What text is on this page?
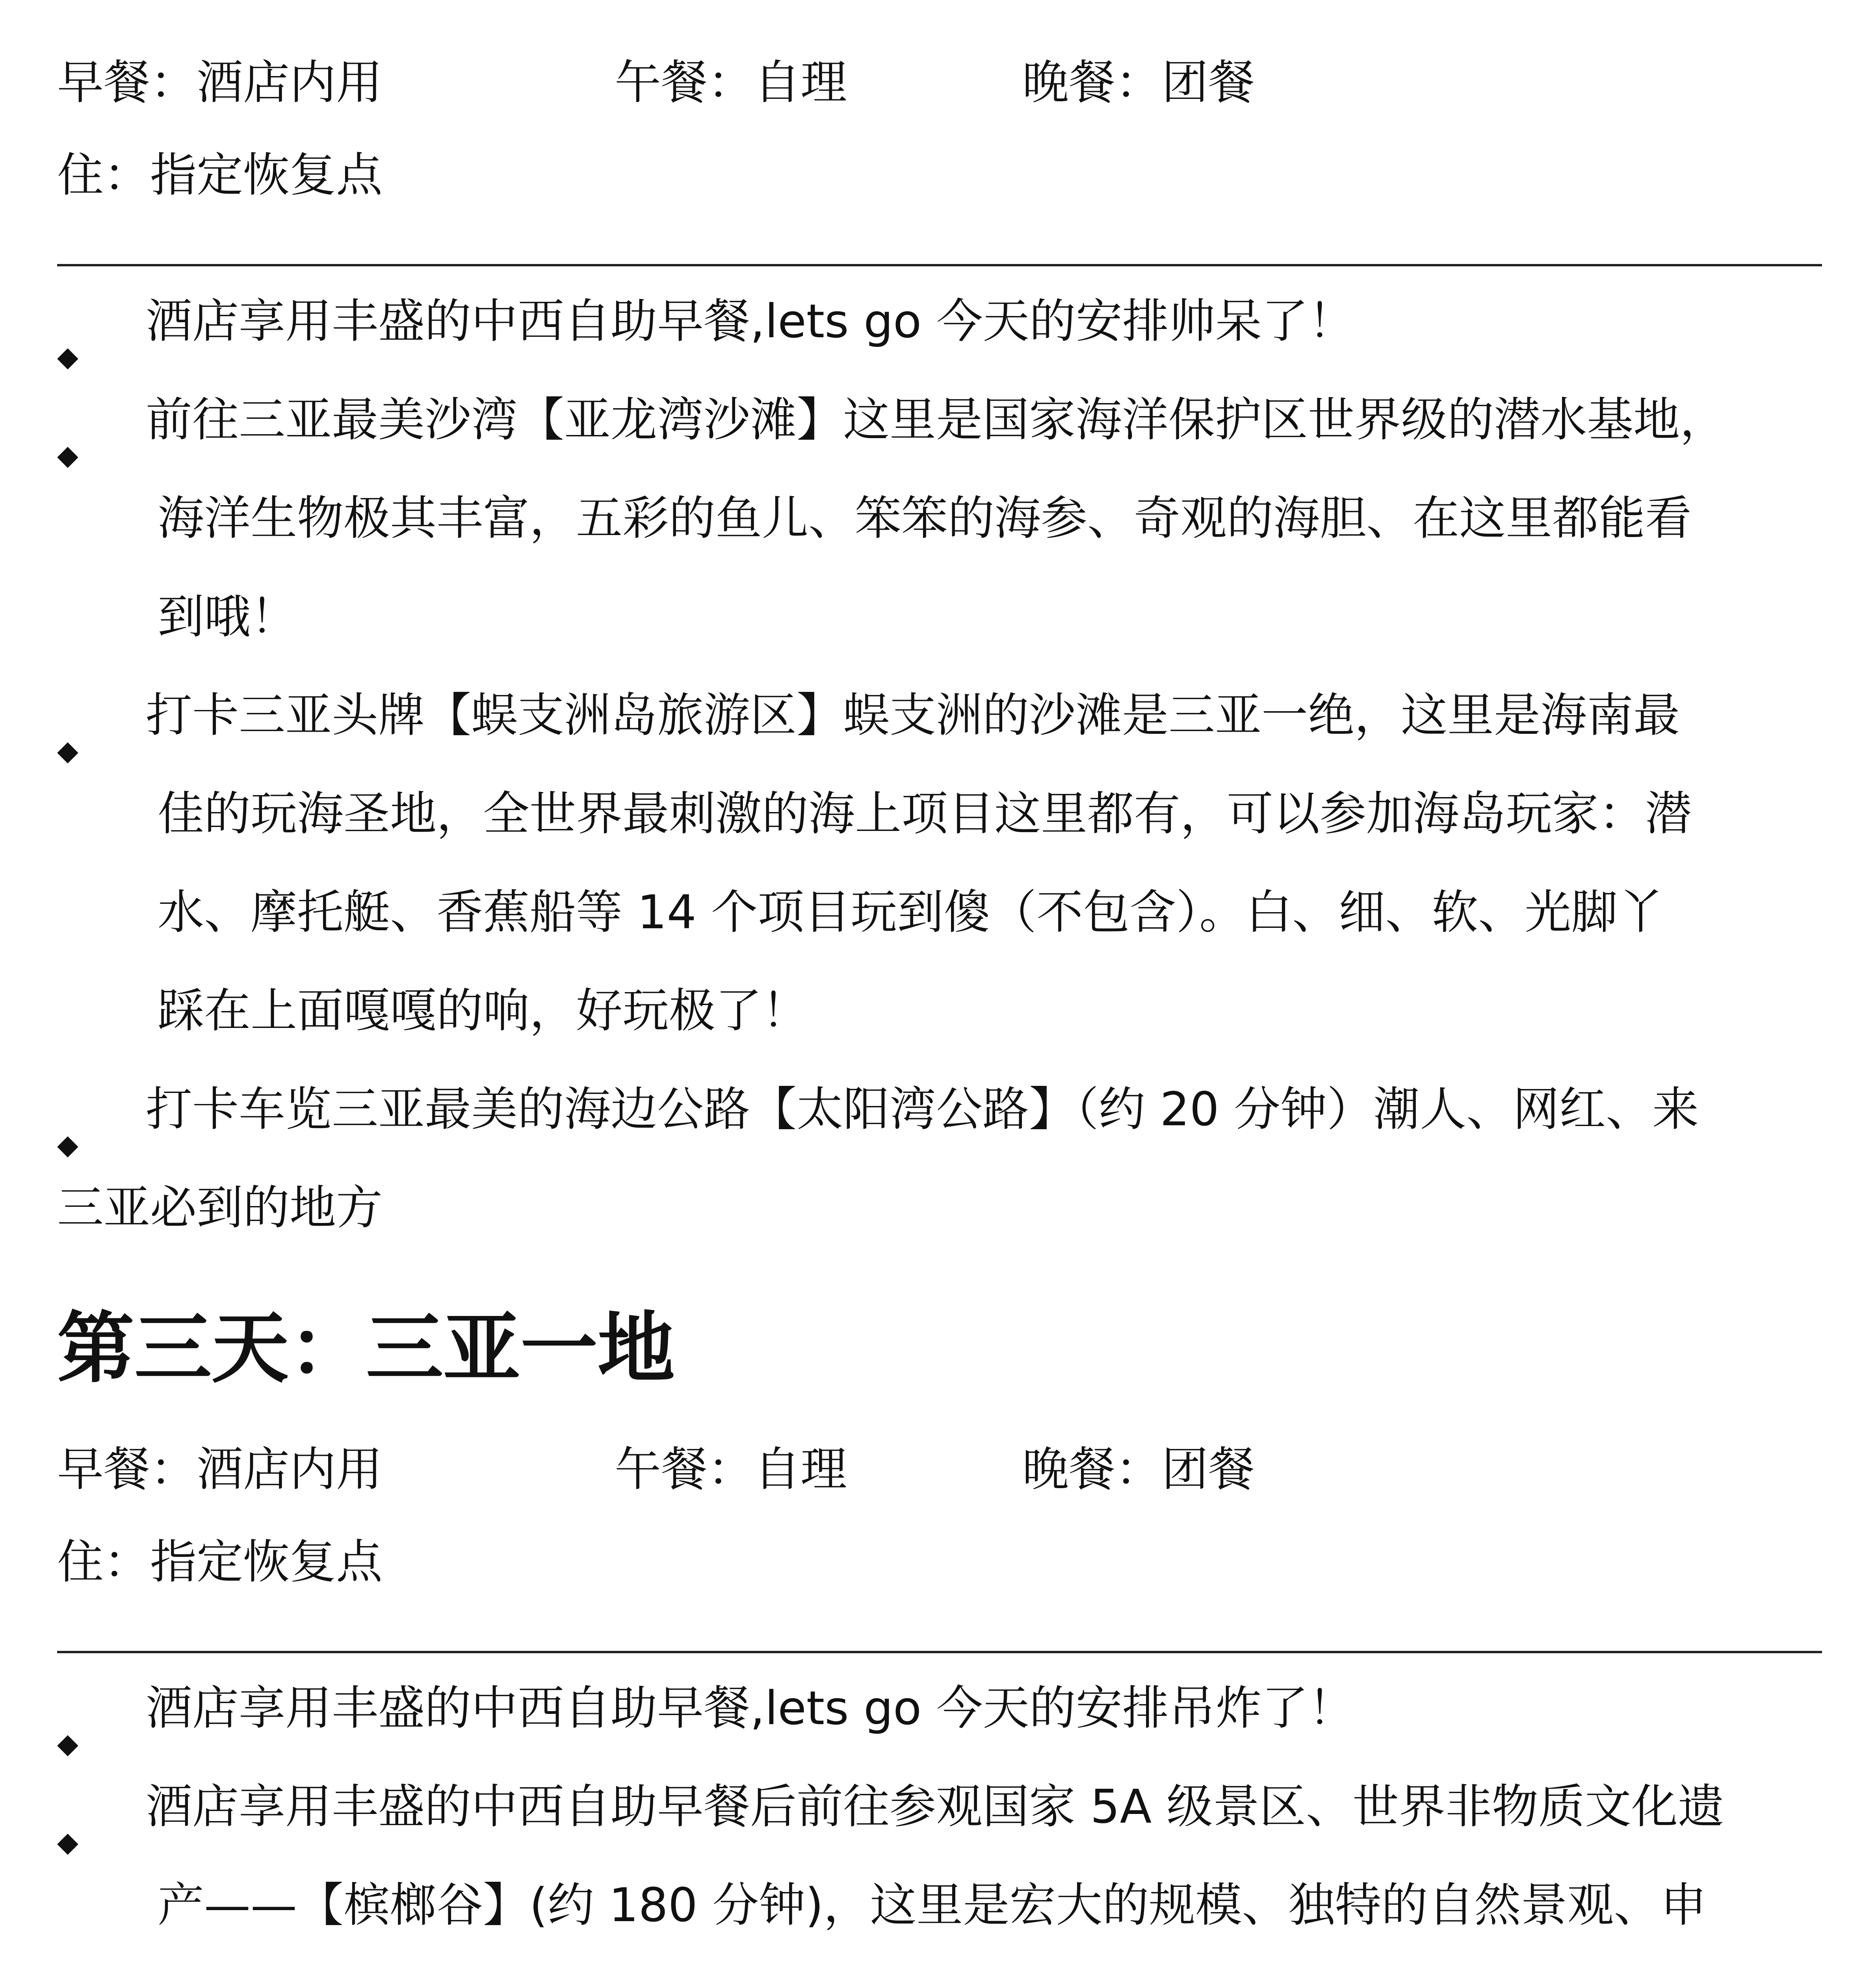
早餐：酒店内用	午餐：自理	晚餐：团餐
住：指定恢复点
◆
酒店享用丰盛的中西自助早餐,lets go 今天的安排帅呆了！
◆
前往三亚最美沙湾【亚龙湾沙滩】这里是国家海洋保护区世界级的潜水基地，
海洋生物极其丰富，五彩的鱼儿、笨笨的海参、奇观的海胆、在这里都能看
到哦！
◆
打卡三亚头牌【蜈支洲岛旅游区】蜈支洲的沙滩是三亚一绝，这里是海南最
佳的玩海圣地，全世界最刺激的海上项目这里都有，可以参加海岛玩家：潜
水、摩托艇、香蕉船等 14 个项目玩到傻（不包含）。白、细、软、光脚丫
踩在上面嘎嘎的响，好玩极了！
◆
打卡车览三亚最美的海边公路【太阳湾公路】（约 20 分钟）潮人、网红、来
三亚必到的地方
第三天：三亚一地
早餐：酒店内用	午餐：自理	晚餐：团餐
住：指定恢复点
◆
酒店享用丰盛的中西自助早餐,lets go 今天的安排吊炸了！
◆
酒店享用丰盛的中西自助早餐后前往参观国家 5A 级景区、世界非物质文化遗
产——【槟榔谷】(约 180 分钟)，这里是宏大的规模、独特的自然景观、申
